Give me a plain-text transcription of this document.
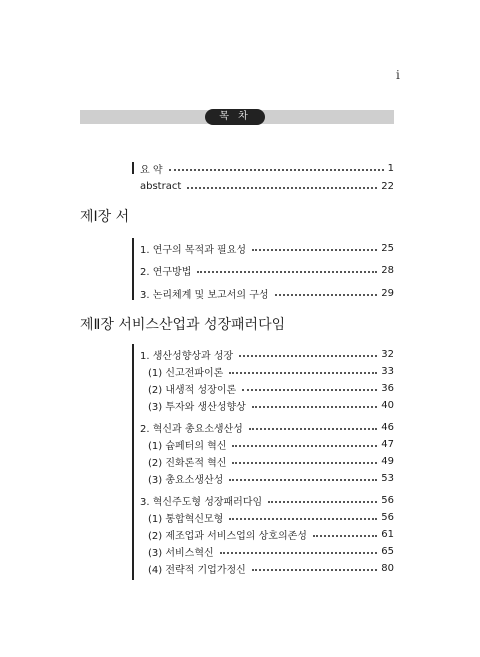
i
목 차
요 약	1
abstract	22
제Ⅰ장 서
1. 연구의 목적과 필요성	25
2. 연구방법	28
3. 논리체계 및 보고서의 구성	29
제Ⅱ장 서비스산업과 성장패러다임
1. 생산성향상과 성장	32
(1) 신고전파이론	33
(2) 내생적 성장이론	36
(3) 투자와 생산성향상	40
2. 혁신과 총요소생산성	46
(1) 슘페터의 혁신	47
(2) 진화론적 혁신	49
(3) 총요소생산성	53
3. 혁신주도형 성장패러다임	56
(1) 통합혁신모형	56
(2) 제조업과 서비스업의 상호의존성	61
(3) 서비스혁신	65
(4) 전략적 기업가정신	80
